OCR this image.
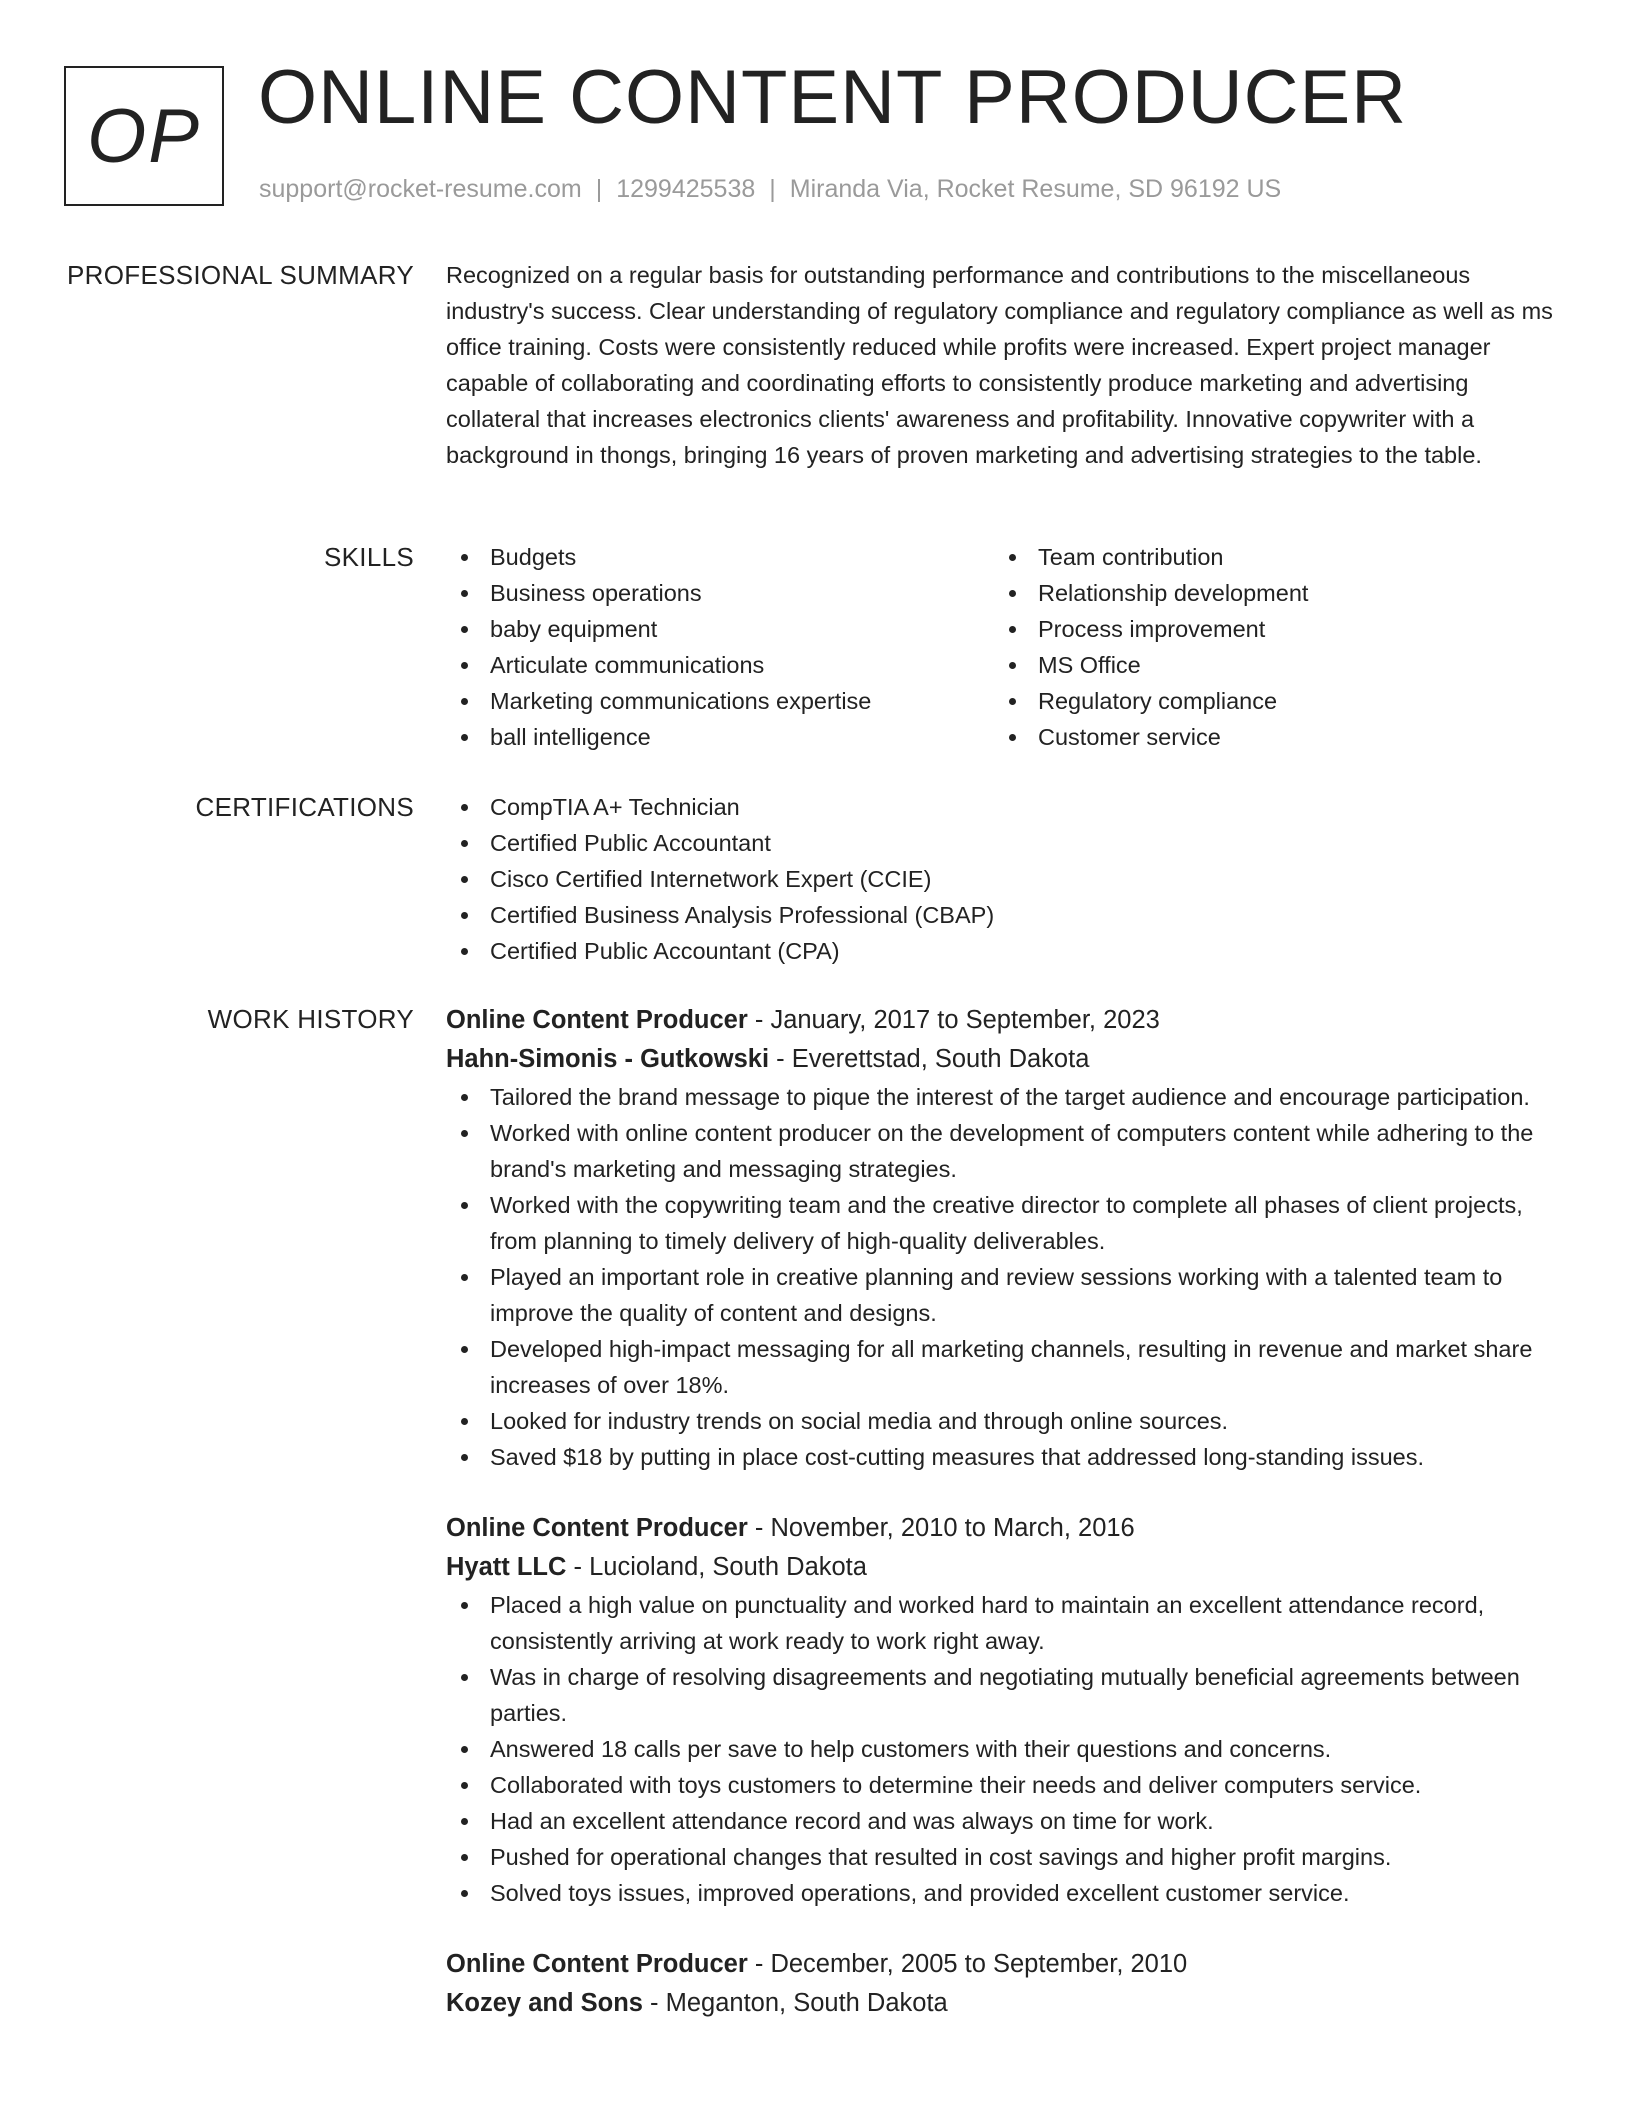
OP ONLINE CONTENT PRODUCER
support@rocket-resume.com | 1299425538 | Miranda Via, Rocket Resume, SD 96192 US
PROFESSIONAL SUMMARY Recognized on a regular basis for outstanding performance and contributions to the miscellaneous industry's success. Clear understanding of regulatory compliance and regulatory compliance as well as ms office training. Costs were consistently reduced while profits were increased. Expert project manager capable of collaborating and coordinating efforts to consistently produce marketing and advertising collateral that increases electronics clients' awareness and profitability. Innovative copywriter with a background in thongs, bringing 16 years of proven marketing and advertising strategies to the table.
SKILLS	Budgets
Business operations
baby equipment
Articulate communications
Marketing communications expertise
ball intelligence
Team contribution
Relationship development
Process improvement
MS Office
Regulatory compliance
Customer service
CERTIFICATIONS	CompTIA A+ Technician
Certified Public Accountant
Cisco Certified Internetwork Expert (CCIE)
Certified Business Analysis Professional (CBAP)
Certified Public Accountant (CPA)
WORK HISTORY Online Content Producer - January, 2017 to September, 2023
Hahn-Simonis - Gutkowski - Everettstad, South Dakota
Tailored the brand message to pique the interest of the target audience and encourage participation.
Worked with online content producer on the development of computers content while adhering to the brand's marketing and messaging strategies.
Worked with the copywriting team and the creative director to complete all phases of client projects, from planning to timely delivery of high-quality deliverables.
Played an important role in creative planning and review sessions working with a talented team to improve the quality of content and designs.
Developed high-impact messaging for all marketing channels, resulting in revenue and market share increases of over 18%.
Looked for industry trends on social media and through online sources.
Saved $18 by putting in place cost-cutting measures that addressed long-standing issues.
Online Content Producer - November, 2010 to March, 2016
Hyatt LLC - Lucioland, South Dakota
Placed a high value on punctuality and worked hard to maintain an excellent attendance record, consistently arriving at work ready to work right away.
Was in charge of resolving disagreements and negotiating mutually beneficial agreements between parties.
Answered 18 calls per save to help customers with their questions and concerns.
Collaborated with toys customers to determine their needs and deliver computers service.
Had an excellent attendance record and was always on time for work.
Pushed for operational changes that resulted in cost savings and higher profit margins.
Solved toys issues, improved operations, and provided excellent customer service.
Online Content Producer - December, 2005 to September, 2010
Kozey and Sons - Meganton, South Dakota
